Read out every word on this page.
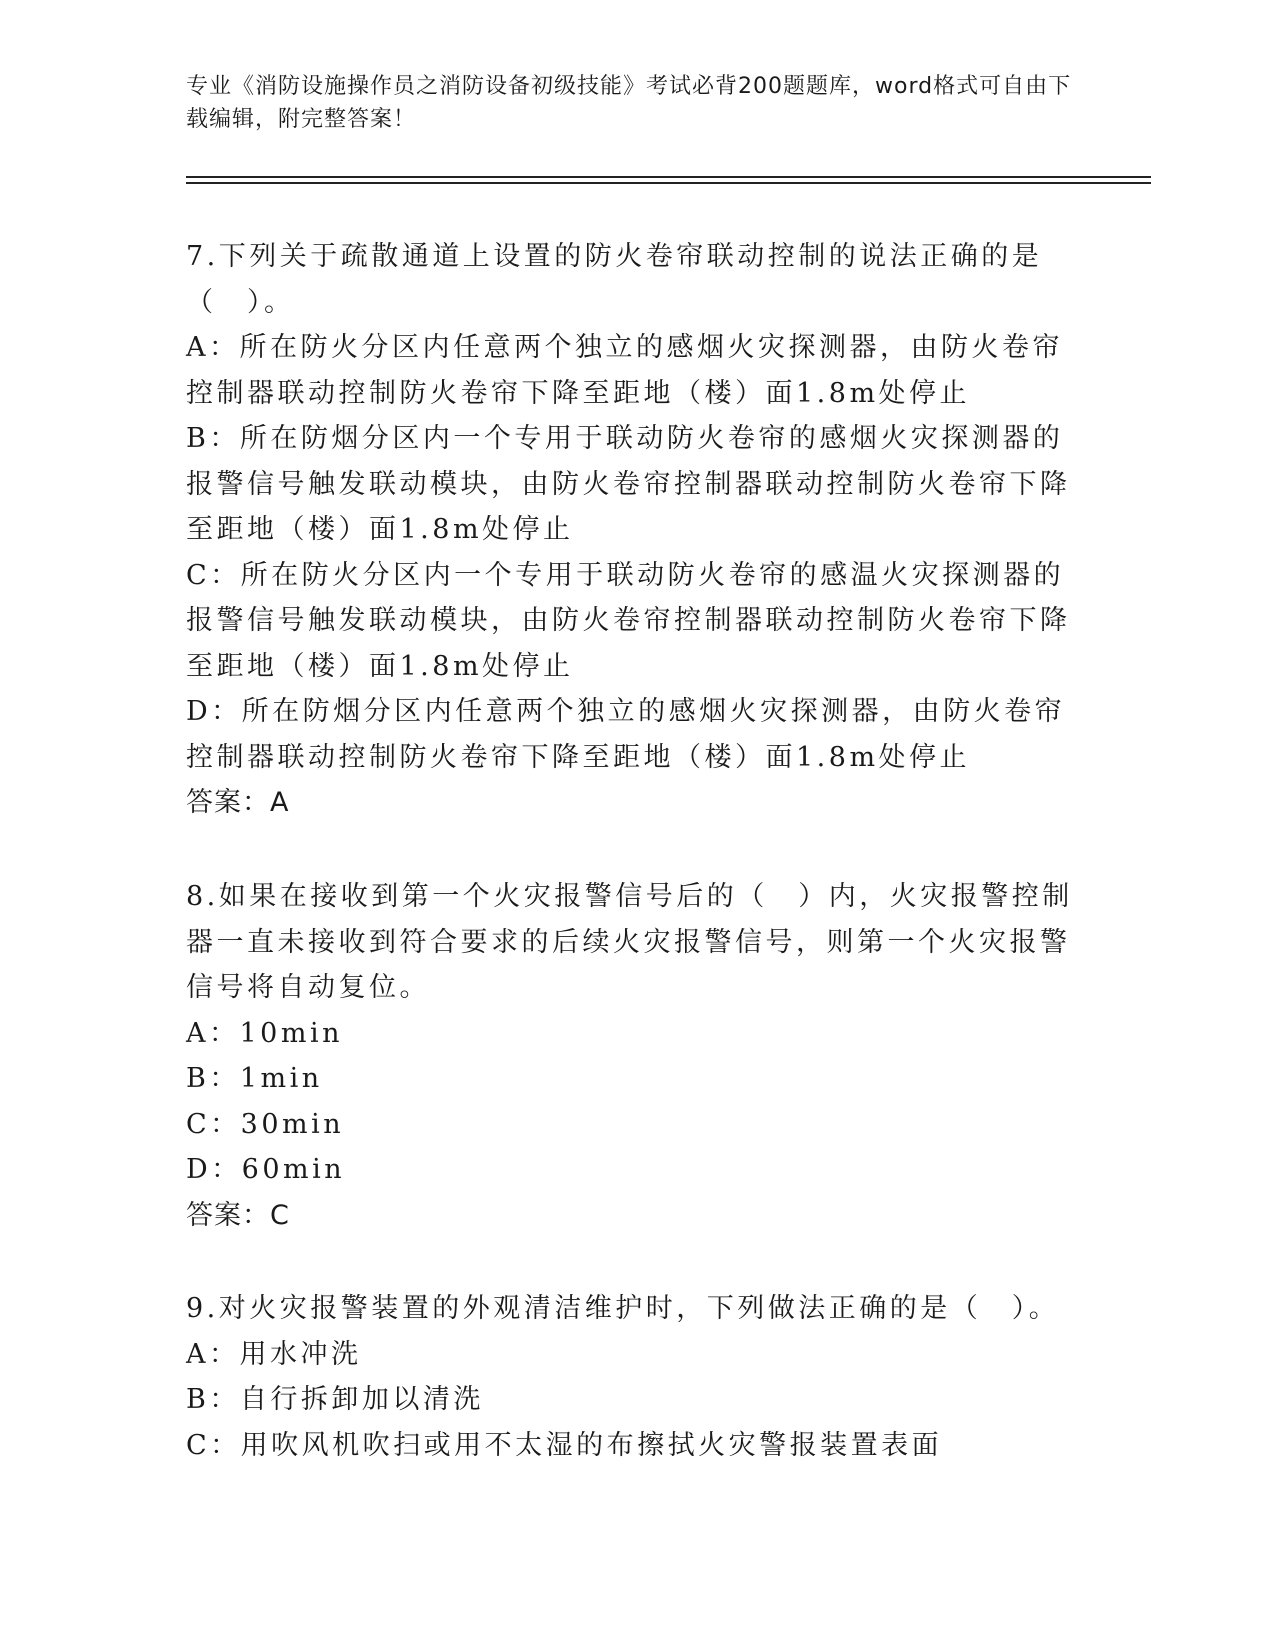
专业《消防设施操作员之消防设备初级技能》考试必背200题题库，word格式可自由下载编辑，附完整答案！
7.下列关于疏散通道上设置的防火卷帘联动控制的说法正确的是（　）。
A：所在防火分区内任意两个独立的感烟火灾探测器，由防火卷帘控制器联动控制防火卷帘下降至距地（楼）面1.8m处停止
B：所在防烟分区内一个专用于联动防火卷帘的感烟火灾探测器的报警信号触发联动模块，由防火卷帘控制器联动控制防火卷帘下降至距地（楼）面1.8m处停止
C：所在防火分区内一个专用于联动防火卷帘的感温火灾探测器的报警信号触发联动模块，由防火卷帘控制器联动控制防火卷帘下降至距地（楼）面1.8m处停止
D：所在防烟分区内任意两个独立的感烟火灾探测器，由防火卷帘控制器联动控制防火卷帘下降至距地（楼）面1.8m处停止
答案：A
8.如果在接收到第一个火灾报警信号后的（　）内，火灾报警控制器一直未接收到符合要求的后续火灾报警信号，则第一个火灾报警信号将自动复位。
A：10min
B：1min
C：30min
D：60min
答案：C
9.对火灾报警装置的外观清洁维护时，下列做法正确的是（　）。
A：用水冲洗
B：自行拆卸加以清洗
C：用吹风机吹扫或用不太湿的布擦拭火灾警报装置表面
